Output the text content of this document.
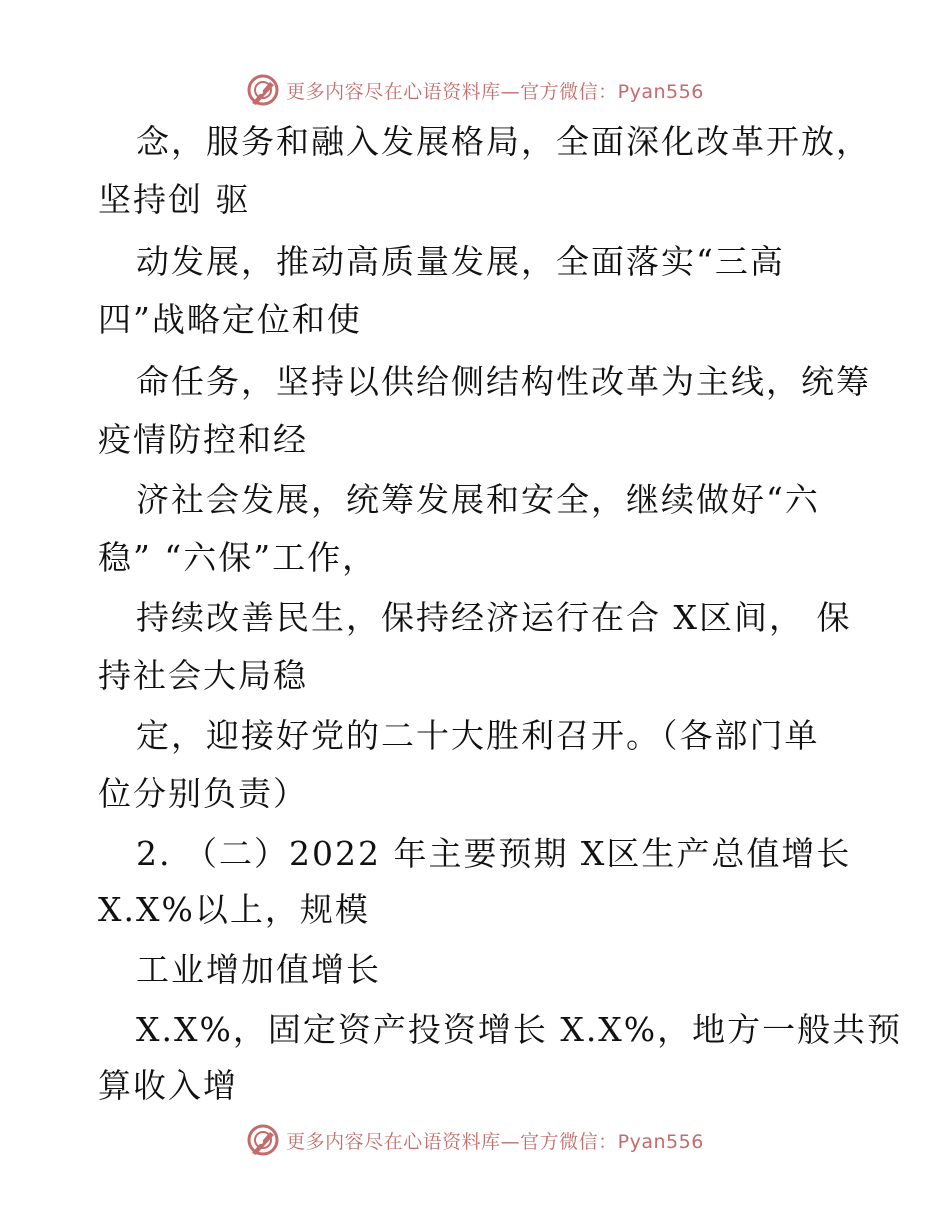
更多内容尽在心语资料库—官方微信：Pyan556
念，服务和融入发展格局，全面深化改革开放，
坚持创 驱
动发展，推动高质量发展，全面落实“三高
四”战略定位和使
命任务，坚持以供给侧结构性改革为主线，统筹
疫情防控和经
济社会发展，统筹发展和安全，继续做好“六
稳” “六保”工作，
持续改善民生，保持经济运行在合 X区间， 保
持社会大局稳
定，迎接好党的二十大胜利召开。（各部门单
位分别负责）
2. （二）2022 年主要预期 X区生产总值增长
X.X%以上，规模
工业增加值增长
X.X%，固定资产投资增长 X.X%，地方一般共预
算收入增
更多内容尽在心语资料库—官方微信：Pyan556
